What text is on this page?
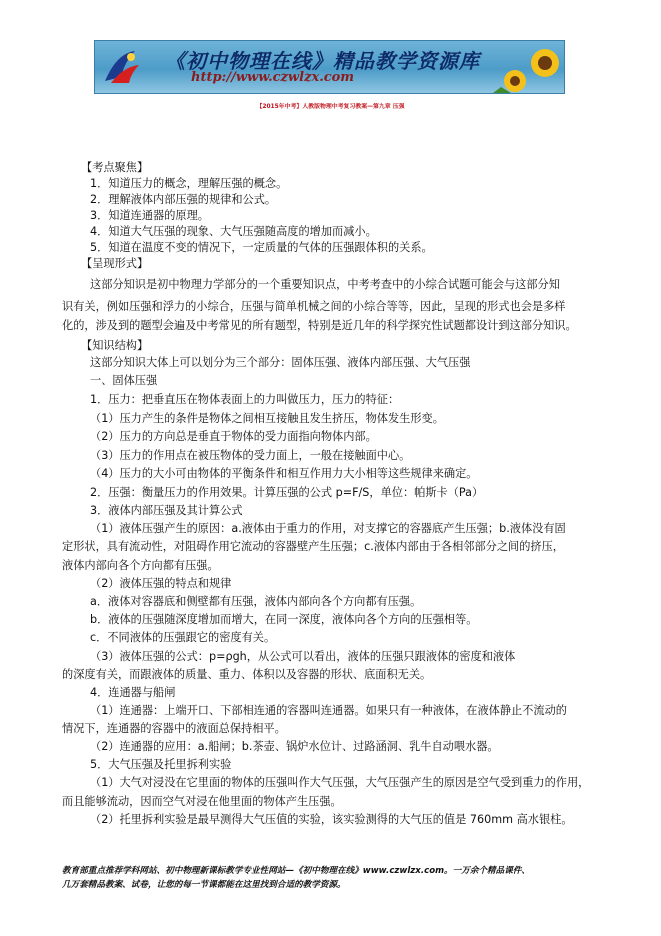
《初中物理在线》精品教学资源库
http://www.czwlzx.com
【2015年中考】人教版物理中考复习教案—第九章 压强
【考点聚焦】
1．知道压力的概念，理解压强的概念。
2．理解液体内部压强的规律和公式。
3．知道连通器的原理。
4．知道大气压强的现象、大气压强随高度的增加而减小。
5．知道在温度不变的情况下，一定质量的气体的压强跟体积的关系。
【呈现形式】
这部分知识是初中物理力学部分的一个重要知识点，中考考查中的小综合试题可能会与这部分知
识有关，例如压强和浮力的小综合，压强与简单机械之间的小综合等等，因此，呈现的形式也会是多样
化的，涉及到的题型会遍及中考常见的所有题型，特别是近几年的科学探究性试题都设计到这部分知识。
【知识结构】
这部分知识大体上可以划分为三个部分：固体压强、液体内部压强、大气压强
一、固体压强
1．压力：把垂直压在物体表面上的力叫做压力，压力的特征：
（1）压力产生的条件是物体之间相互接触且发生挤压，物体发生形变。
（2）压力的方向总是垂直于物体的受力面指向物体内部。
（3）压力的作用点在被压物体的受力面上，一般在接触面中心。
（4）压力的大小可由物体的平衡条件和相互作用力大小相等这些规律来确定。
2．压强：衡量压力的作用效果。计算压强的公式 p=F/S，单位：帕斯卡（Pa）
3．液体内部压强及其计算公式
（1）液体压强产生的原因：a.液体由于重力的作用，对支撑它的容器底产生压强；b.液体没有固
定形状，具有流动性，对阻碍作用它流动的容器壁产生压强；c.液体内部由于各相邻部分之间的挤压，
液体内部向各个方向都有压强。
（2）液体压强的特点和规律
a．液体对容器底和侧壁都有压强，液体内部向各个方向都有压强。
b．液体的压强随深度增加而增大，在同一深度，液体向各个方向的压强相等。
c．不同液体的压强跟它的密度有关。
（3）液体压强的公式：p=ρgh，从公式可以看出，液体的压强只跟液体的密度和液体
的深度有关，而跟液体的质量、重力、体积以及容器的形状、底面积无关。
4．连通器与船闸
（1）连通器：上端开口、下部相连通的容器叫连通器。如果只有一种液体，在液体静止不流动的
情况下，连通器的容器中的液面总保持相平。
（2）连通器的应用：a.船闸；b.茶壶、锅炉水位计、过路涵洞、乳牛自动喂水器。
5．大气压强及托里拆利实验
（1）大气对浸没在它里面的物体的压强叫作大气压强，大气压强产生的原因是空气受到重力的作用，
而且能够流动，因而空气对浸在他里面的物体产生压强。
（2）托里拆利实验是最早测得大气压值的实验，该实验测得的大气压的值是 760mm 高水银柱。
教育部重点推荐学科网站、初中物理新课标教学专业性网站—《初中物理在线》www.czwlzx.com。一万余个精品课件、
几万套精品教案、试卷，让您的每一节课都能在这里找到合适的教学资源。
